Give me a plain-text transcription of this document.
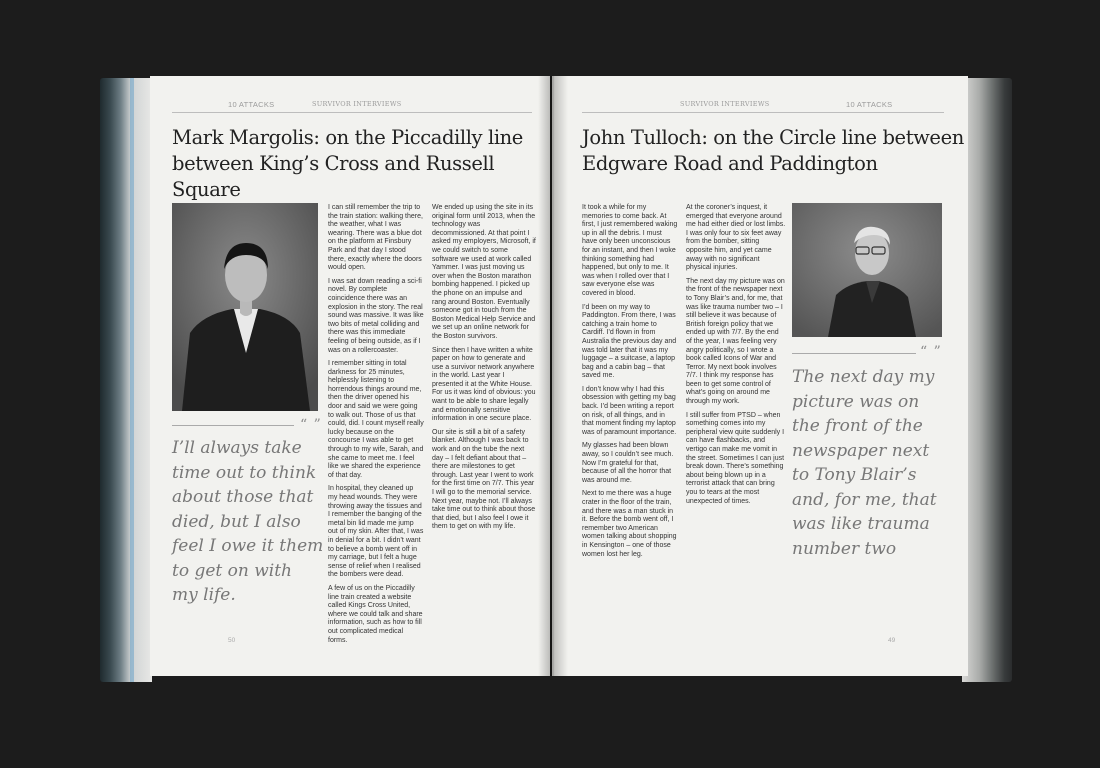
10 ATTACKS	SURVIVOR INTERVIEWS
Mark Margolis: on the Piccadilly line
between King’s Cross and Russell Square
“ ”
I’ll always take
time out to think
about those that
died, but I also
feel I owe it them
to get on with
my life.

I can still remember the trip to the train station: walking there, the weather, what I was wearing. There was a blue dot on the platform at Finsbury Park and that day I stood there, exactly where the doors would open.

I was sat down reading a sci-fi novel. By complete coincidence there was an explosion in the story. The real sound was massive. It was like two bits of metal colliding and there was this immediate feeling of being outside, as if I was on a rollercoaster.

I remember sitting in total darkness for 25 minutes, helplessly listening to horrendous things around me, then the driver opened his door and said we were going to walk out. Those of us that could, did. I count myself really lucky because on the concourse I was able to get through to my wife, Sarah, and she came to meet me. I feel like we shared the experience of that day.

In hospital, they cleaned up my head wounds. They were throwing away the tissues and I remember the banging of the metal bin lid made me jump out of my skin. After that, I was in denial for a bit. I didn’t want to believe a bomb went off in my carriage, but I felt a huge sense of relief when I realised the bombers were dead.

A few of us on the Piccadilly line train created a website called Kings Cross United, where we could talk and share information, such as how to fill out complicated medical forms.

We ended up using the site in its original form until 2013, when the technology was decommissioned. At that point I asked my employers, Microsoft, if we could switch to some software we used at work called Yammer. I was just moving us over when the Boston marathon bombing happened. I picked up the phone on an impulse and rang around Boston. Eventually someone got in touch from the Boston Medical Help Service and we set up an online network for the Boston survivors.

Since then I have written a white paper on how to generate and use a survivor network anywhere in the world. Last year I presented it at the White House. For us it was kind of obvious: you want to be able to share legally and emotionally sensitive information in one secure place.

Our site is still a bit of a safety blanket. Although I was back to work and on the tube the next day – I felt defiant about that – there are milestones to get through. Last year I went to work for the first time on 7/7. This year I will go to the memorial service. Next year, maybe not. I’ll always take time out to think about those that died, but I also feel I owe it them to get on with my life.

50
SURVIVOR INTERVIEWS	10 ATTACKS
John Tulloch: on the Circle line between
Edgware Road and Paddington

It took a while for my memories to come back. At first, I just remembered waking up in all the debris. I must have only been unconscious for an instant, and then I woke thinking something had happened, but only to me. It was when I rolled over that I saw everyone else was covered in blood.

I’d been on my way to Paddington. From there, I was catching a train home to Cardiff. I’d flown in from Australia the previous day and was told later that it was my luggage – a suitcase, a laptop bag and a cabin bag – that saved me.

I don’t know why I had this obsession with getting my bag back. I’d been writing a report on risk, of all things, and in that moment finding my laptop was of paramount importance.

My glasses had been blown away, so I couldn’t see much. Now I’m grateful for that, because of all the horror that was around me.

Next to me there was a huge crater in the floor of the train, and there was a man stuck in it. Before the bomb went off, I remember two American women talking about shopping in Kensington – one of those women lost her leg.

At the coroner’s inquest, it emerged that everyone around me had either died or lost limbs. I was only four to six feet away from the bomber, sitting opposite him, and yet came away with no significant physical injuries.

The next day my picture was on the front of the newspaper next to Tony Blair’s and, for me, that was like trauma number two – I still believe it was because of British foreign policy that we ended up with 7/7. By the end of the year, I was feeling very angry politically, so I wrote a book called Icons of War and Terror. My next book involves 7/7. I think my response has been to get some control of what’s going on around me through my work.

I still suffer from PTSD – when something comes into my peripheral view quite suddenly I can have flashbacks, and vertigo can make me vomit in the street. Sometimes I can just break down. There’s something about being blown up in a terrorist attack that can bring you to tears at the most unexpected of times.

“ ”
The next day my
picture was on
the front of the
newspaper next
to Tony Blair’s
and, for me, that
was like trauma
number two
49
